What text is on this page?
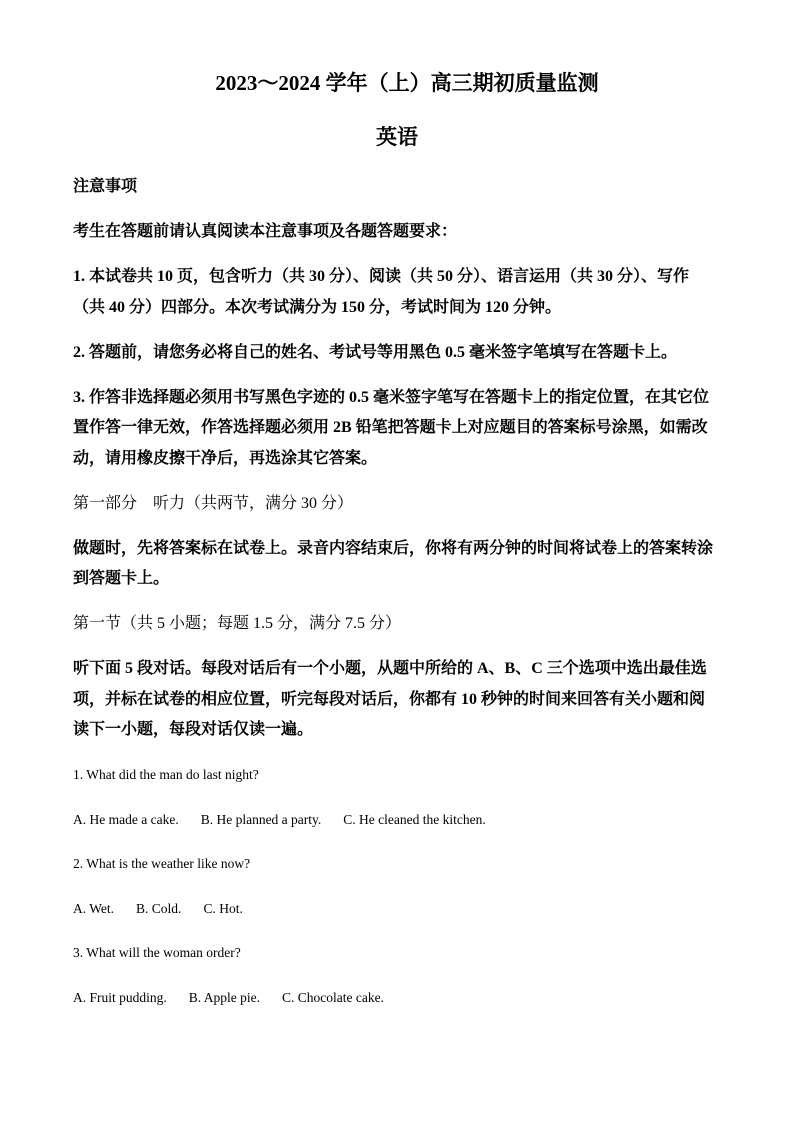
2023～2024 学年（上）高三期初质量监测
英语
注意事项
考生在答题前请认真阅读本注意事项及各题答题要求：
1. 本试卷共 10 页，包含听力（共 30 分）、阅读（共 50 分）、语言运用（共 30 分）、写作
（共 40 分）四部分。本次考试满分为 150 分，考试时间为 120 分钟。
2. 答题前，请您务必将自己的姓名、考试号等用黑色 0.5 毫米签字笔填写在答题卡上。
3. 作答非选择题必须用书写黑色字迹的 0.5 毫米签字笔写在答题卡上的指定位置，在其它位
置作答一律无效，作答选择题必须用 2B 铅笔把答题卡上对应题目的答案标号涂黑，如需改
动，请用橡皮擦干净后，再选涂其它答案。
第一部分　听力（共两节，满分 30 分）
做题时，先将答案标在试卷上。录音内容结束后，你将有两分钟的时间将试卷上的答案转涂
到答题卡上。
第一节（共 5 小题；每题 1.5 分，满分 7.5 分）
听下面 5 段对话。每段对话后有一个小题，从题中所给的 A、B、C 三个选项中选出最佳选
项，并标在试卷的相应位置，听完每段对话后，你都有 10 秒钟的时间来回答有关小题和阅
读下一小题，每段对话仅读一遍。
1. What did the man do last night?
A. He made a cake. B. He planned a party. C. He cleaned the kitchen.
2. What is the weather like now?
A. Wet. B. Cold. C. Hot.
3. What will the woman order?
A. Fruit pudding. B. Apple pie. C. Chocolate cake.
